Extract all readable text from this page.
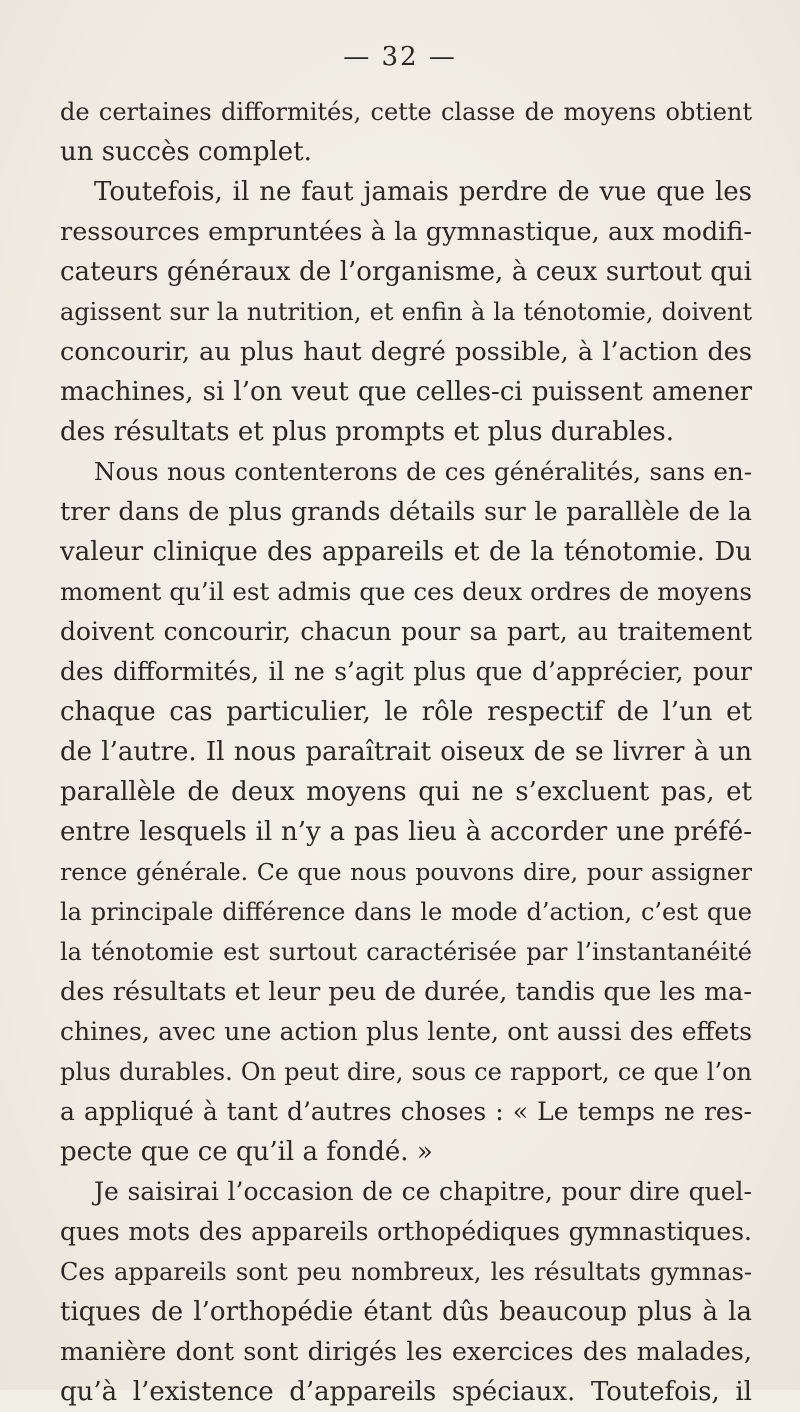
— 32 —
de certaines difformités, cette classe de moyens obtient
un succès complet.
Toutefois, il ne faut jamais perdre de vue que les
ressources empruntées à la gymnastique, aux modifi-
cateurs généraux de l’organisme, à ceux surtout qui
agissent sur la nutrition, et enfin à la ténotomie, doivent
concourir, au plus haut degré possible, à l’action des
machines, si l’on veut que celles-ci puissent amener
des résultats et plus prompts et plus durables.
Nous nous contenterons de ces généralités, sans en-
trer dans de plus grands détails sur le parallèle de la
valeur clinique des appareils et de la ténotomie. Du
moment qu’il est admis que ces deux ordres de moyens
doivent concourir, chacun pour sa part, au traitement
des difformités, il ne s’agit plus que d’apprécier, pour
chaque cas particulier, le rôle respectif de l’un et
de l’autre. Il nous paraîtrait oiseux de se livrer à un
parallèle de deux moyens qui ne s’excluent pas, et
entre lesquels il n’y a pas lieu à accorder une préfé-
rence générale. Ce que nous pouvons dire, pour assigner
la principale différence dans le mode d’action, c’est que
la ténotomie est surtout caractérisée par l’instantanéité
des résultats et leur peu de durée, tandis que les ma-
chines, avec une action plus lente, ont aussi des effets
plus durables. On peut dire, sous ce rapport, ce que l’on
a appliqué à tant d’autres choses : « Le temps ne res-
pecte que ce qu’il a fondé. »
Je saisirai l’occasion de ce chapitre, pour dire quel-
ques mots des appareils orthopédiques gymnastiques.
Ces appareils sont peu nombreux, les résultats gymnas-
tiques de l’orthopédie étant dûs beaucoup plus à la
manière dont sont dirigés les exercices des malades,
qu’à l’existence d’appareils spéciaux. Toutefois, il
